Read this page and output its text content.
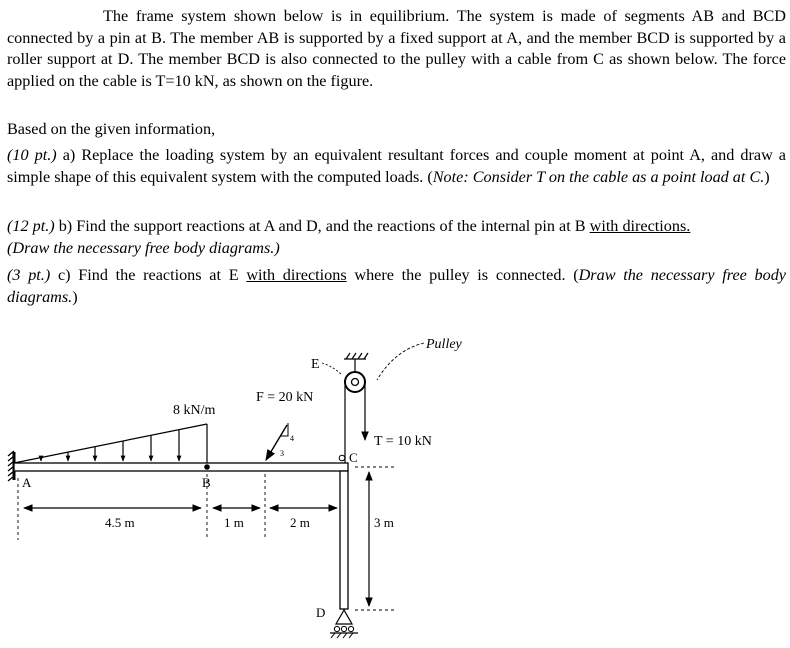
The frame system shown below is in equilibrium. The system is made of segments AB and BCD connected by a pin at B. The member AB is supported by a fixed support at A, and the member BCD is supported by a roller support at D. The member BCD is also connected to the pulley with a cable from C as shown below. The force applied on the cable is T=10 kN, as shown on the figure.
Based on the given information,
(10 pt.) a) Replace the loading system by an equivalent resultant forces and couple moment at point A, and draw a simple shape of this equivalent system with the computed loads. (Note: Consider T on the cable as a point load at C.)
(12 pt.) b) Find the support reactions at A and D, and the reactions of the internal pin at B with directions.
(Draw the necessary free body diagrams.)
(3 pt.) c) Find the reactions at E with directions where the pulley is connected. (Draw the necessary free body diagrams.)
8 kN/m
F = 20 kN
4
3
E
Pulley
T = 10 kN
A	B
C
D
4.5 m	1 m	2 m	3 m
